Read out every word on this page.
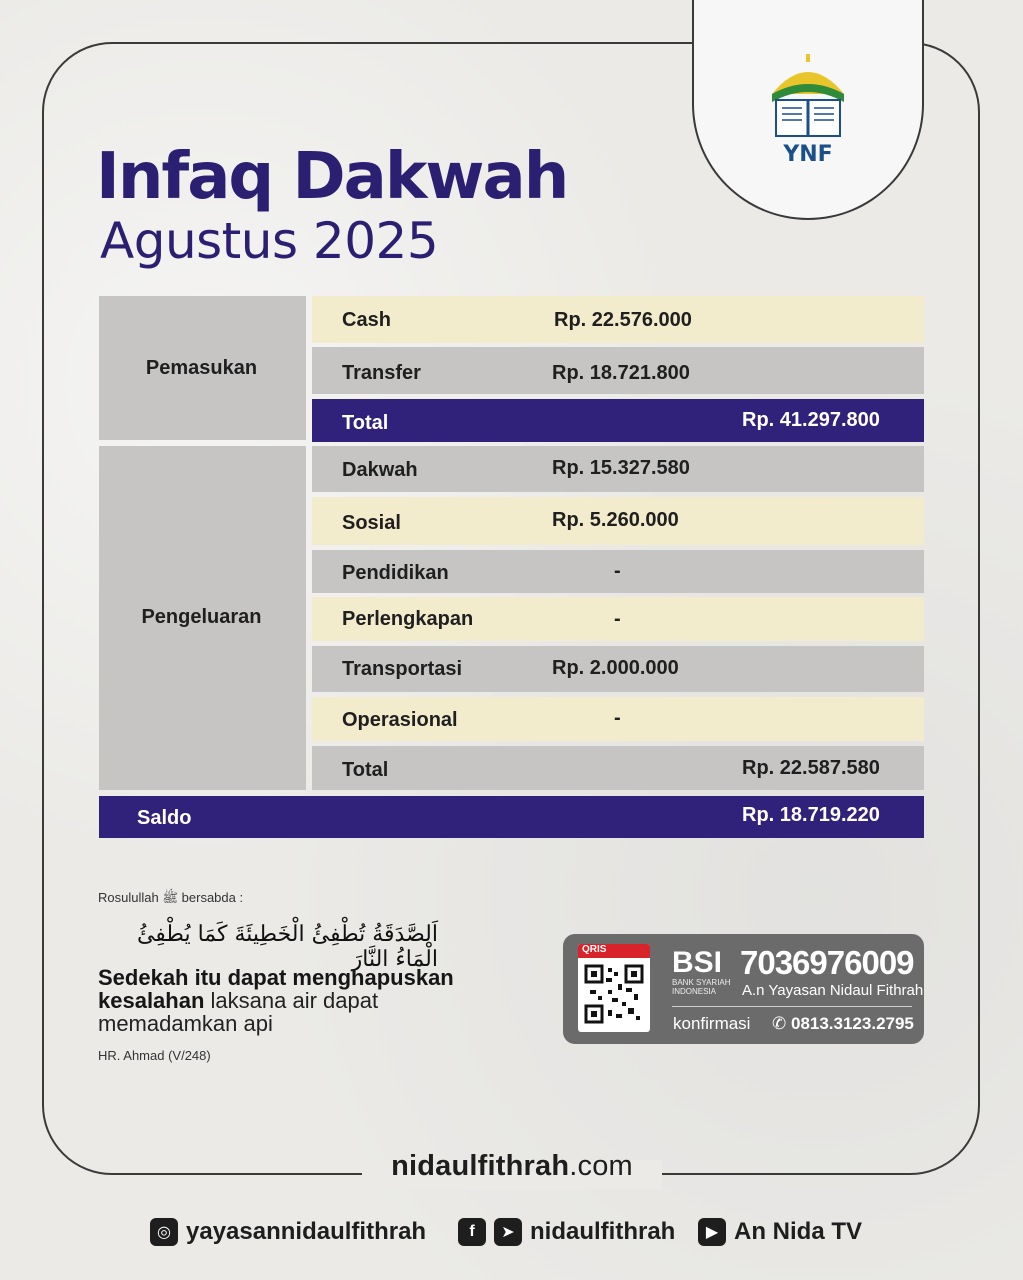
nidaulfithrah.com
YNF
Infaq Dakwah
Agustus 2025
Pemasukan
Cash	Rp. 22.576.000
Transfer	Rp. 18.721.800
Total	Rp. 41.297.800
Pengeluaran
Dakwah	Rp. 15.327.580
Sosial	Rp. 5.260.000
Pendidikan	-
Perlengkapan	-
Transportasi	Rp. 2.000.000
Operasional	-
Total	Rp. 22.587.580
Saldo	Rp. 18.719.220
Rosulullah ﷺ bersabda :
اَلصَّدَقَةُ تُطْفِئُ الْخَطِيئَةَ كَمَا يُطْفِئُ الْمَاءُ النَّارَ
Sedekah itu dapat menghapuskan kesalahan laksana air dapat memadamkan api
HR. Ahmad (V/248)
QRIS BSI
BANK SYARIAH INDONESIA
7036976009
A.n Yayasan Nidaul Fithrah
konfirmasi ✆ 0813.3123.2795
◎ yayasannidaulfithrah	f	➤ nidaulfithrah	▶ An Nida TV
